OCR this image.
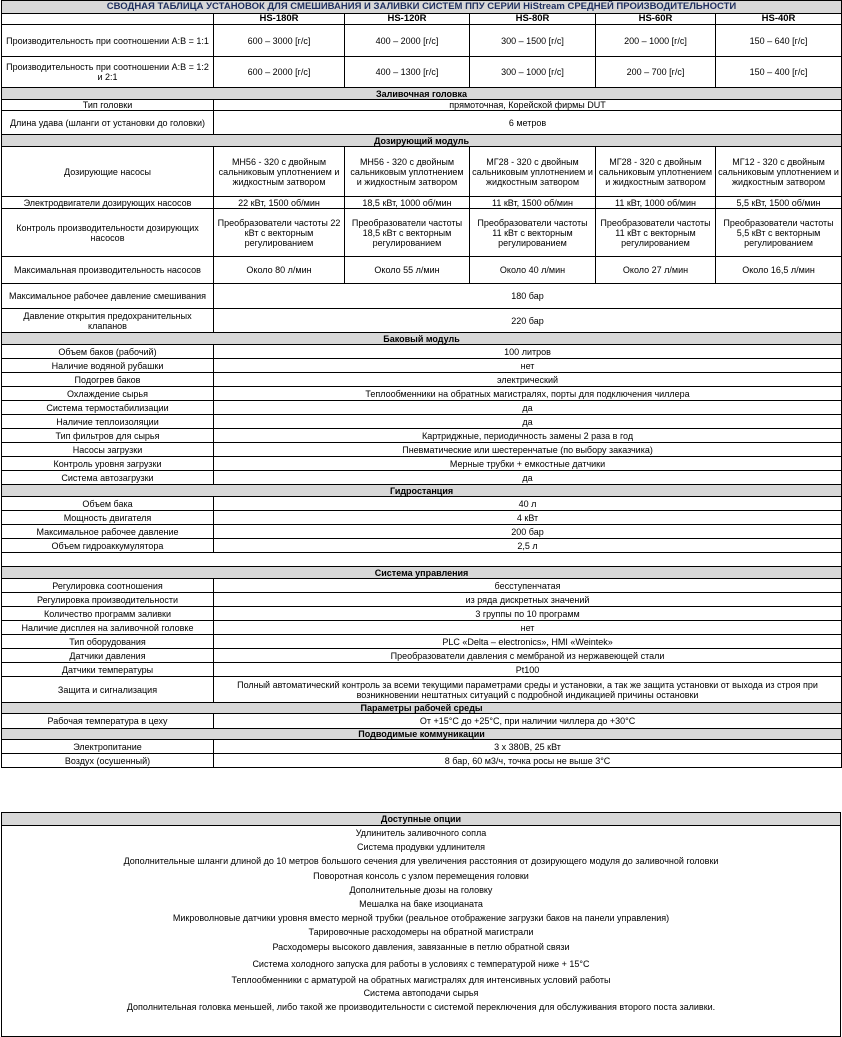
СВОДНАЯ ТАБЛИЦА УСТАНОВОК ДЛЯ СМЕШИВАНИЯ И ЗАЛИВКИ СИСТЕМ ППУ СЕРИИ HiStream СРЕДНЕЙ ПРОИЗВОДИТЕЛЬНОСТИ					
	HS-180R	HS-120R	HS-80R	HS-60R	HS-40R
Производительность при соотношении A:B = 1:1	600 – 3000 [г/с]	400 – 2000 [г/с]	300 – 1500 [г/с]	200 – 1000 [г/с]	150 – 640 [г/с]
Производительность при соотношении A:B = 1:2 и 2:1	600 – 2000 [г/с]	400 – 1300 [г/с]	300 – 1000 [г/с]	200 – 700 [г/с]	150 – 400 [г/с]
Заливочная головка					
Тип головки	прямоточная, Корейской фирмы DUT				
Длина удава (шланги от установки до головки)	6 метров				
Дозирующий модуль					
Дозирующие насосы	МН56 - 320 с двойным сальниковым уплотнением и жидкостным затвором	МН56 - 320 с двойным сальниковым уплотнением и жидкостным затвором	МГ28 - 320 с двойным сальниковым уплотнением и жидкостным затвором	МГ28 - 320 с двойным сальниковым уплотнением и жидкостным затвором	МГ12 - 320 с двойным сальниковым уплотнением и жидкостным затвором
Электродвигатели дозирующих насосов	22 кВт, 1500 об/мин	18,5 кВт, 1000 об/мин	11 кВт, 1500 об/мин	11 кВт, 1000 об/мин	5,5 кВт, 1500 об/мин
Контроль производительности дозирующих насосов	Преобразователи частоты 22 кВт с векторным регулированием	Преобразователи частоты 18,5 кВт с векторным регулированием	Преобразователи частоты 11 кВт с векторным регулированием	Преобразователи частоты 11 кВт с векторным регулированием	Преобразователи частоты 5,5 кВт с векторным регулированием
Максимальная производительность насосов	Около 80 л/мин	Около 55 л/мин	Около 40 л/мин	Около 27 л/мин	Около 16,5 л/мин
Максимальное рабочее давление смешивания	180 бар				
Давление открытия предохранительных клапанов	220 бар				
Баковый модуль					
Объем баков (рабочий)	100 литров				
Наличие водяной рубашки	нет				
Подогрев баков	электрический				
Охлаждение сырья	Теплообменники на обратных магистралях, порты для подключения чиллера				
Система термостабилизации	да				
Наличие теплоизоляции	да				
Тип фильтров для сырья	Картриджные, периодичность замены 2 раза в год				
Насосы загрузки	Пневматические или шестеренчатые (по выбору заказчика)				
Контроль уровня загрузки	Мерные трубки + емкостные датчики				
Система автозагрузки	да				
Гидростанция					
Объем бака	40 л				
Мощность двигателя	4 кВт				
Максимальное рабочее давление	200 бар				
Объем гидроаккумулятора	2,5 л				

Система управления					
Регулировка соотношения	бесступенчатая				
Регулировка производительности	из ряда дискретных значений				
Количество программ заливки	3 группы по 10 программ				
Наличие дисплея на заливочной головке	нет				
Тип оборудования	PLC «Delta – electronics», HMI «Weintek»				
Датчики давления	Преобразователи давления с мембраной из нержавеющей стали				
Датчики температуры	Pt100				
Защита и сигнализация	Полный автоматический контроль за всеми текущими параметрами среды и установки, а так же защита установки от выхода из строя при возникновении нештатных ситуаций с подробной индикацией причины остановки				
Параметры рабочей среды					
Рабочая температура в цеху	От +15°С до +25°С, при наличии чиллера до +30°С				
Подводимые коммуникации					
Электропитание	3 x 380В, 25 кВт				
Воздух (осушенный)	8 бар, 60 м3/ч, точка росы не выше 3°С				
Доступные опции
Удлинитель заливочного сопла
Система продувки удлинителя
Дополнительные шланги длиной до 10 метров большого сечения для увеличения расстояния от дозирующего модуля до заливочной головки
Поворотная консоль с узлом перемещения головки
Дополнительные дюзы на головку
Мешалка на баке изоцианата
Микроволновые датчики уровня вместо мерной трубки (реальное отображение загрузки баков на панели управления)
Тарировочные расходомеры на обратной магистрали
Расходомеры высокого давления, завязанные в петлю обратной связи
Система холодного запуска для работы в условиях с температурой ниже + 15°С
Теплообменники с арматурой на обратных магистралях для интенсивных условий работы
Система автоподачи сырья
Дополнительная головка меньшей, либо такой же производительности с системой переключения для обслуживания второго поста заливки.
